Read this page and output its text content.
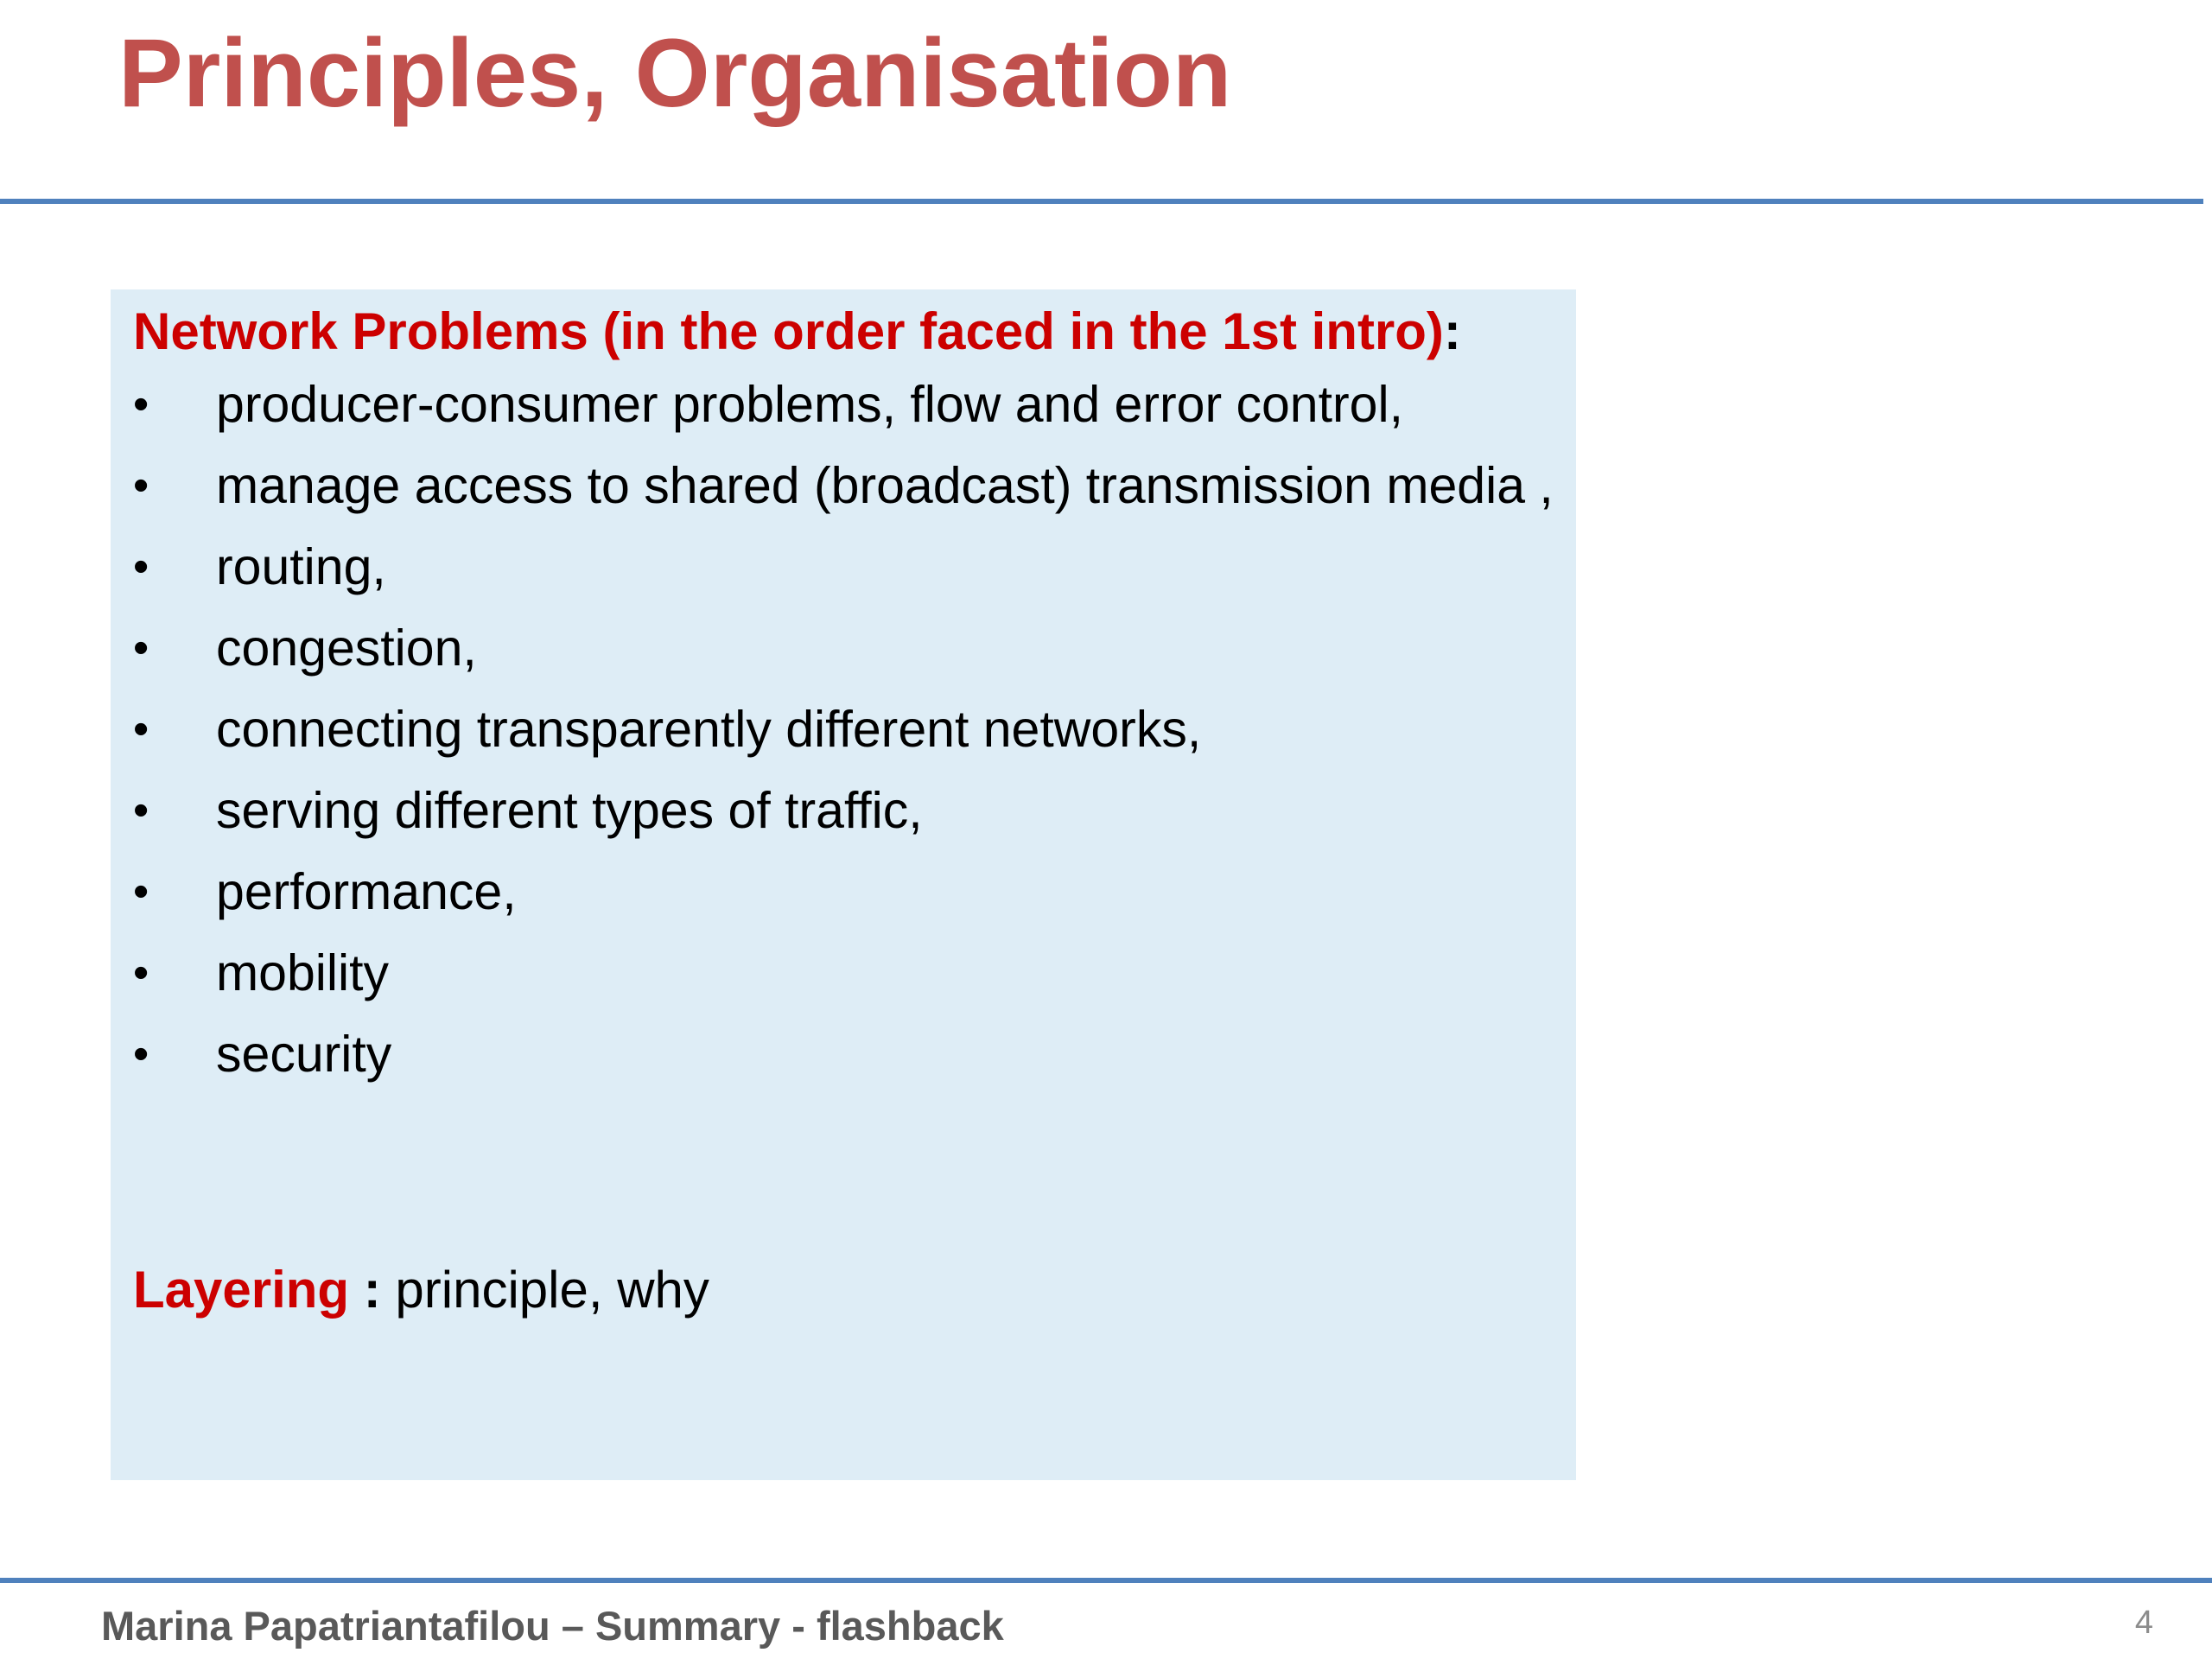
Principles, Organisation
Network Problems (in the order faced in the 1st intro):
•	producer-consumer problems, flow and error control,
•	manage access to shared (broadcast) transmission media ,
•	routing,
•	congestion,
•	connecting transparently different networks,
•	serving different types of traffic,
•	performance,
•	mobility
•	security
Layering : principle, why
Marina Papatriantafilou – Summary - flashback	4
